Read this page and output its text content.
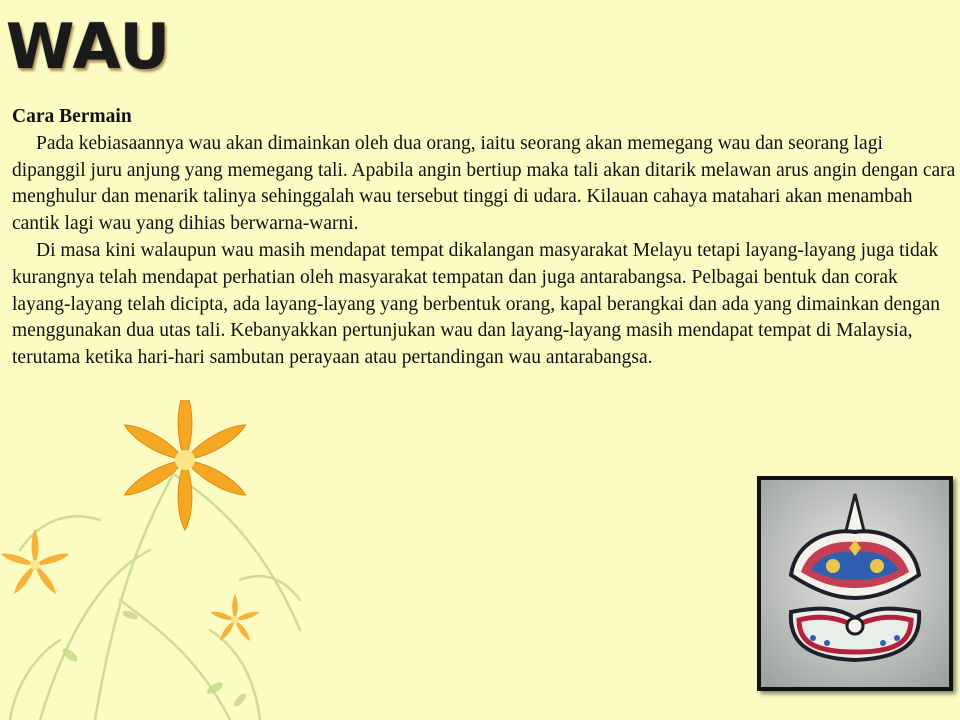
WAU
Cara Bermain

Pada kebiasaannya wau akan dimainkan oleh dua orang, iaitu seorang akan memegang wau dan seorang lagi dipanggil juru anjung yang memegang tali. Apabila angin bertiup maka tali akan ditarik melawan arus angin dengan cara menghulur dan menarik talinya sehinggalah wau tersebut tinggi di udara. Kilauan cahaya matahari akan menambah cantik lagi wau yang dihias berwarna-warni.

Di masa kini walaupun wau masih mendapat tempat dikalangan masyarakat Melayu tetapi layang-layang juga tidak kurangnya telah mendapat perhatian oleh masyarakat tempatan dan juga antarabangsa. Pelbagai bentuk dan corak layang-layang telah dicipta, ada layang-layang yang berbentuk orang, kapal berangkai dan ada yang dimainkan dengan menggunakan dua utas tali. Kebanyakkan pertunjukan wau dan layang-layang masih mendapat tempat di Malaysia, terutama ketika hari-hari sambutan perayaan atau pertandingan wau antarabangsa.
